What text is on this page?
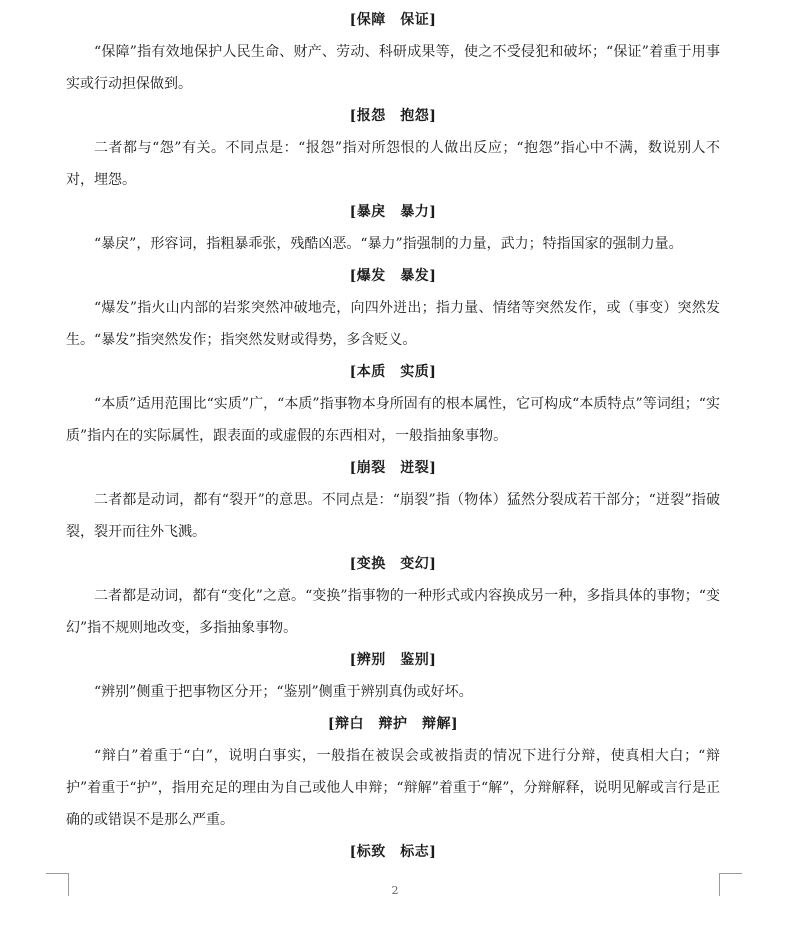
[保障　保证]

“保障”指有效地保护人民生命、财产、劳动、科研成果等，使之不受侵犯和破坏；“保证”着重于用事实或行动担保做到。

[报怨　抱怨]

二者都与“怨”有关。不同点是：“报怨”指对所怨恨的人做出反应；“抱怨”指心中不满，数说别人不对，埋怨。

[暴戾　暴力]

“暴戾”，形容词，指粗暴乖张，残酷凶恶。“暴力”指强制的力量，武力；特指国家的强制力量。

[爆发　暴发]

“爆发”指火山内部的岩浆突然冲破地壳，向四外迸出；指力量、情绪等突然发作，或（事变）突然发生。“暴发”指突然发作；指突然发财或得势，多含贬义。

[本质　实质]

“本质”适用范围比“实质”广，“本质”指事物本身所固有的根本属性，它可构成“本质特点”等词组；“实质”指内在的实际属性，跟表面的或虚假的东西相对，一般指抽象事物。

[崩裂　迸裂]

二者都是动词，都有“裂开”的意思。不同点是：“崩裂”指（物体）猛然分裂成若干部分；“迸裂”指破裂，裂开而往外飞溅。

[变换　变幻]

二者都是动词，都有“变化”之意。“变换”指事物的一种形式或内容换成另一种，多指具体的事物；“变幻”指不规则地改变，多指抽象事物。

[辨别　鉴别]

“辨别”侧重于把事物区分开；“鉴别”侧重于辨别真伪或好坏。

[辩白　辩护　辩解]

“辩白”着重于“白”，说明白事实，一般指在被误会或被指责的情况下进行分辩，使真相大白；“辩护”着重于“护”，指用充足的理由为自己或他人申辩；“辩解”着重于“解”，分辩解释，说明见解或言行是正确的或错误不是那么严重。

[标致　标志]
2
